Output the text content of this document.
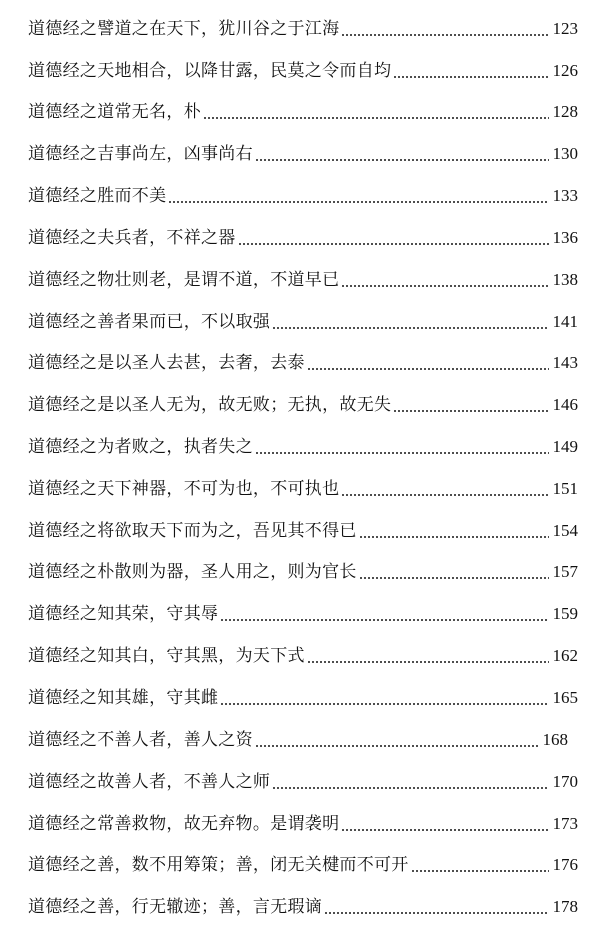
道德经之譬道之在天下，犹川谷之于江海	123
道德经之天地相合，以降甘露，民莫之令而自均	126
道德经之道常无名，朴	128
道德经之吉事尚左，凶事尚右	130
道德经之胜而不美	133
道德经之夫兵者，不祥之器	136
道德经之物壮则老，是谓不道，不道早已	138
道德经之善者果而已，不以取强	141
道德经之是以圣人去甚，去奢，去泰	143
道德经之是以圣人无为，故无败；无执，故无失	146
道德经之为者败之，执者失之	149
道德经之天下神器，不可为也，不可执也	151
道德经之将欲取天下而为之，吾见其不得已	154
道德经之朴散则为器，圣人用之，则为官长	157
道德经之知其荣，守其辱	159
道德经之知其白，守其黑，为天下式	162
道德经之知其雄，守其雌	165
道德经之不善人者，善人之资	168
道德经之故善人者，不善人之师	170
道德经之常善救物，故无弃物。是谓袭明	173
道德经之善，数不用筹策；善，闭无关楗而不可开	176
道德经之善，行无辙迹；善，言无瑕谪	178
